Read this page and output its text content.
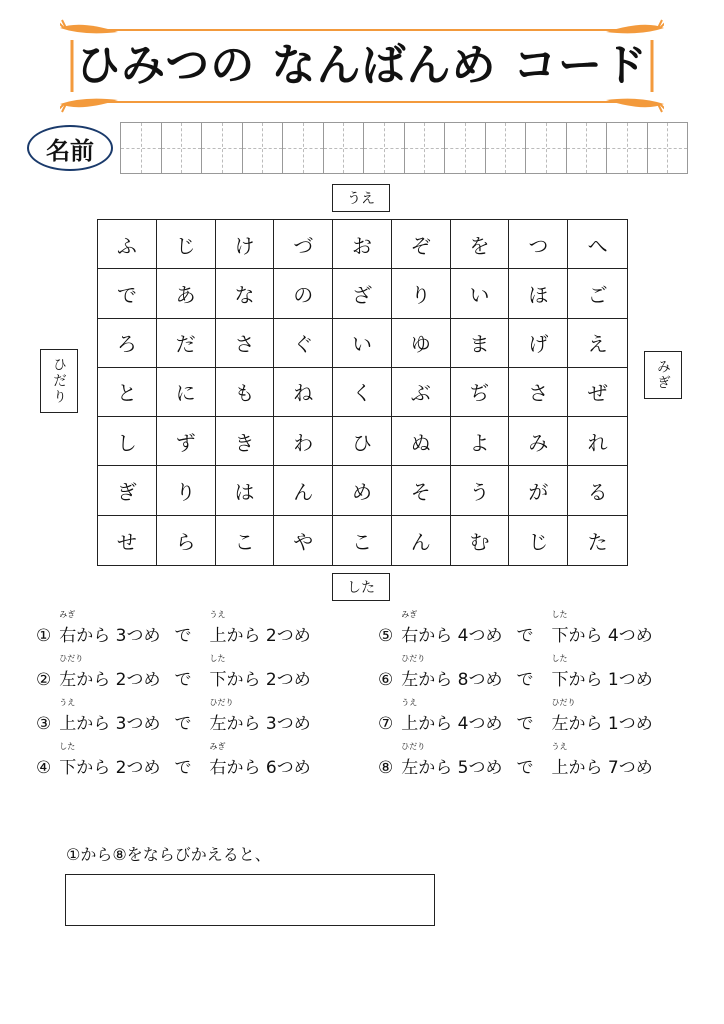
ひみつの なんばんめ コード
名前
うえ
した
ひだり	みぎ
ふ	じ	け	づ	お	ぞ	を	つ	へ
で	あ	な	の	ざ	り	い	ほ	ご
ろ	だ	さ	ぐ	い	ゆ	ま	げ	え
と	に	も	ね	く	ぶ	ぢ	さ	ぜ
し	ず	き	わ	ひ	ぬ	よ	み	れ
ぎ	り	は	ん	め	そ	う	が	る
せ	ら	こ	や	こ	ん	む	じ	た
①
みぎ
右 から 3つめ で
うえ
上 から 2つめ
②
ひだり
左 から 2つめ で
した
下 から 2つめ
③
うえ
上 から 3つめ で
ひだり
左 から 3つめ
④
した
下 から 2つめ で
みぎ
右 から 6つめ
⑤
みぎ
右 から 4つめ で
した
下 から 4つめ
⑥
ひだり
左 から 8つめ で
した
下 から 1つめ
⑦
うえ
上 から 4つめ で
ひだり
左 から 1つめ
⑧
ひだり
左 から 5つめ で
うえ
上 から 7つめ
①から⑧をならびかえると、
